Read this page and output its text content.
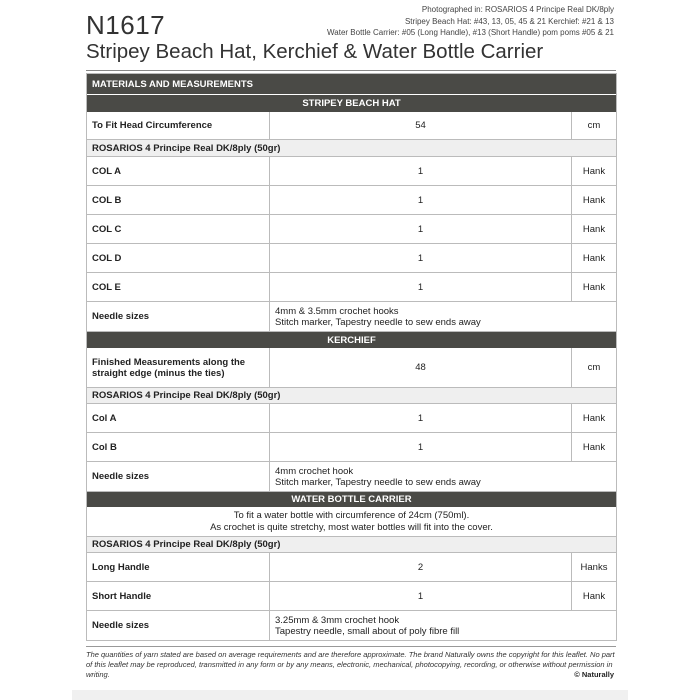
N1617
Stripey Beach Hat, Kerchief & Water Bottle Carrier
Photographed in: ROSARIOS 4 Principe Real DK/8ply
Stripey Beach Hat: #43, 13, 05, 45 & 21 Kerchief: #21 & 13
Water Bottle Carrier: #05 (Long Handle), #13 (Short Handle) pom poms #05 & 21
MATERIALS AND MEASUREMENTS
STRIPEY BEACH HAT
To Fit Head Circumference	54	cm
ROSARIOS 4 Principe Real DK/8ply (50gr)
COL A	1	Hank
COL B	1	Hank
COL C	1	Hank
COL D	1	Hank
COL E	1	Hank
Needle sizes	4mm & 3.5mm crochet hooks
Stitch marker, Tapestry needle to sew ends away
KERCHIEF
Finished Measurements along the straight edge (minus the ties)	48	cm
ROSARIOS 4 Principe Real DK/8ply (50gr)
Col A	1	Hank
Col B	1	Hank
Needle sizes	4mm crochet hook
Stitch marker, Tapestry needle to sew ends away
WATER BOTTLE CARRIER
To fit a water bottle with circumference of 24cm (750ml).
As crochet is quite stretchy, most water bottles will fit into the cover.
ROSARIOS 4 Principe Real DK/8ply (50gr)
Long Handle	2	Hanks
Short Handle	1	Hank
Needle sizes	3.25mm & 3mm crochet hook
Tapestry needle, small about of poly fibre fill
The quantities of yarn stated are based on average requirements and are therefore approximate. The brand Naturally owns the copyright for this leaflet. No part of this leaflet may be reproduced, transmitted in any form or by any means, electronic, mechanical, photocopying, recording, or otherwise without permission in writing.	© Naturally
